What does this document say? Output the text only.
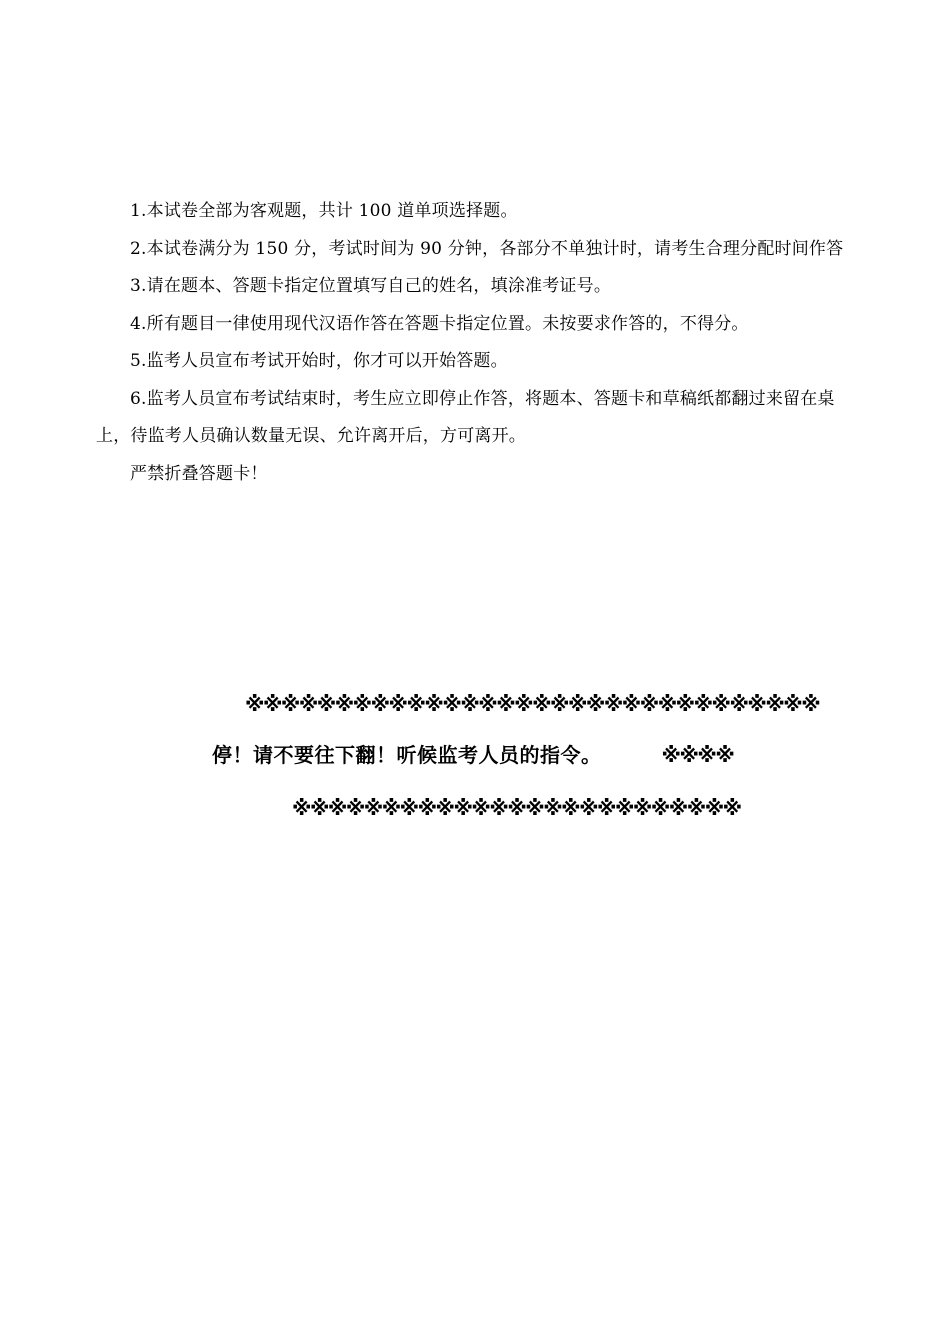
1.本试卷全部为客观题，共计 100 道单项选择题。

2.本试卷满分为 150 分，考试时间为 90 分钟，各部分不单独计时，请考生合理分配时间作答

3.请在题本、答题卡指定位置填写自己的姓名，填涂准考证号。

4.所有题目一律使用现代汉语作答在答题卡指定位置。未按要求作答的，不得分。

5.监考人员宣布考试开始时，你才可以开始答题。

6.监考人员宣布考试结束时，考生应立即停止作答，将题本、答题卡和草稿纸都翻过来留在桌上，待监考人员确认数量无误、允许离开后，方可离开。

严禁折叠答题卡！

※※※※※※※※※※※※※※※※※※※※※※※※※※※※※※※※
停！请不要往下翻！听候监考人员的指令。	※※※※
※※※※※※※※※※※※※※※※※※※※※※※※※
